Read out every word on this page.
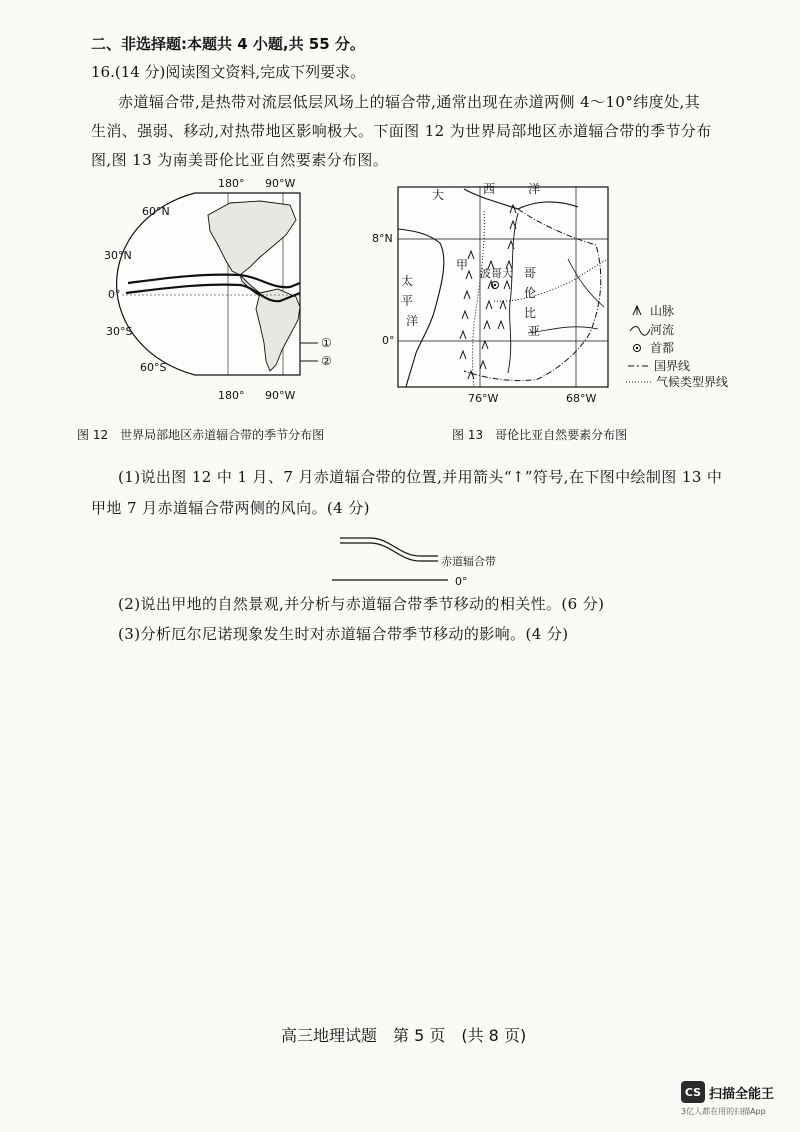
二、非选择题:本题共 4 小题,共 55 分。
16.(14 分)阅读图文资料,完成下列要求。
赤道辐合带,是热带对流层低层风场上的辐合带,通常出现在赤道两侧 4～10°纬度处,其
生消、强弱、移动,对热带地区影响极大。下面图 12 为世界局部地区赤道辐合带的季节分布
图,图 13 为南美哥伦比亚自然要素分布图。
180° 90°W
60°N
30°N
0°
30°S
60°S
180° 90°W
①
②
大	西	洋
太
平
洋
8°N
0°
76°W	68°W
甲
波哥大 哥
伦
比
亚
山脉
河流
首都
国界线
气候类型界线
图 12　世界局部地区赤道辐合带的季节分布图	图 13　哥伦比亚自然要素分布图
(1)说出图 12 中 1 月、7 月赤道辐合带的位置,并用箭头“↑”符号,在下图中绘制图 13 中
甲地 7 月赤道辐合带两侧的风向。(4 分)
赤道辐合带
0°
(2)说出甲地的自然景观,并分析与赤道辐合带季节移动的相关性。(6 分)
(3)分析厄尔尼诺现象发生时对赤道辐合带季节移动的影响。(4 分)
高三地理试题　第 5 页　(共 8 页)
CS 扫描全能王
3亿人都在用的扫描App
